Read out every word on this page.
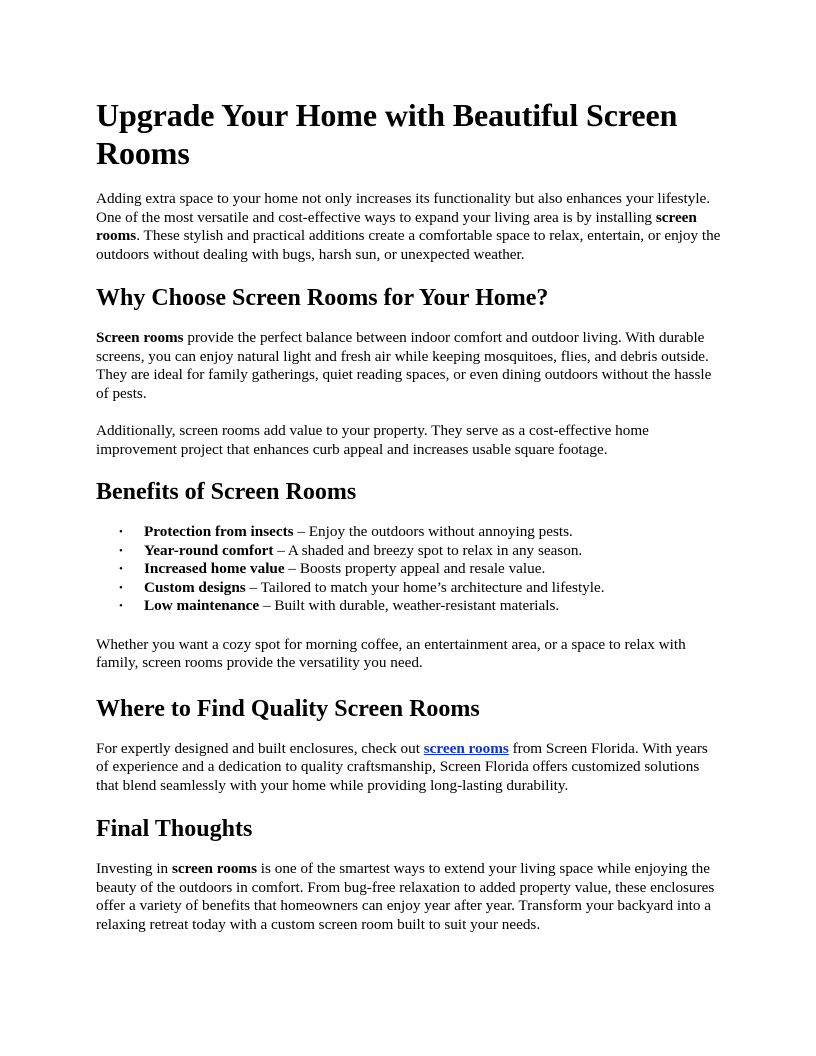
Upgrade Your Home with Beautiful Screen Rooms

Adding extra space to your home not only increases its functionality but also enhances your lifestyle. One of the most versatile and cost-effective ways to expand your living area is by installing screen rooms. These stylish and practical additions create a comfortable space to relax, entertain, or enjoy the outdoors without dealing with bugs, harsh sun, or unexpected weather.

Why Choose Screen Rooms for Your Home?

Screen rooms provide the perfect balance between indoor comfort and outdoor living. With durable screens, you can enjoy natural light and fresh air while keeping mosquitoes, flies, and debris outside. They are ideal for family gatherings, quiet reading spaces, or even dining outdoors without the hassle of pests.

Additionally, screen rooms add value to your property. They serve as a cost-effective home improvement project that enhances curb appeal and increases usable square footage.

Benefits of Screen Rooms
• Protection from insects – Enjoy the outdoors without annoying pests.
• Year-round comfort – A shaded and breezy spot to relax in any season.
• Increased home value – Boosts property appeal and resale value.
• Custom designs – Tailored to match your home’s architecture and lifestyle.
• Low maintenance – Built with durable, weather-resistant materials.

Whether you want a cozy spot for morning coffee, an entertainment area, or a space to relax with family, screen rooms provide the versatility you need.

Where to Find Quality Screen Rooms

For expertly designed and built enclosures, check out screen rooms from Screen Florida. With years of experience and a dedication to quality craftsmanship, Screen Florida offers customized solutions that blend seamlessly with your home while providing long-lasting durability.

Final Thoughts

Investing in screen rooms is one of the smartest ways to extend your living space while enjoying the beauty of the outdoors in comfort. From bug-free relaxation to added property value, these enclosures offer a variety of benefits that homeowners can enjoy year after year. Transform your backyard into a relaxing retreat today with a custom screen room built to suit your needs.
